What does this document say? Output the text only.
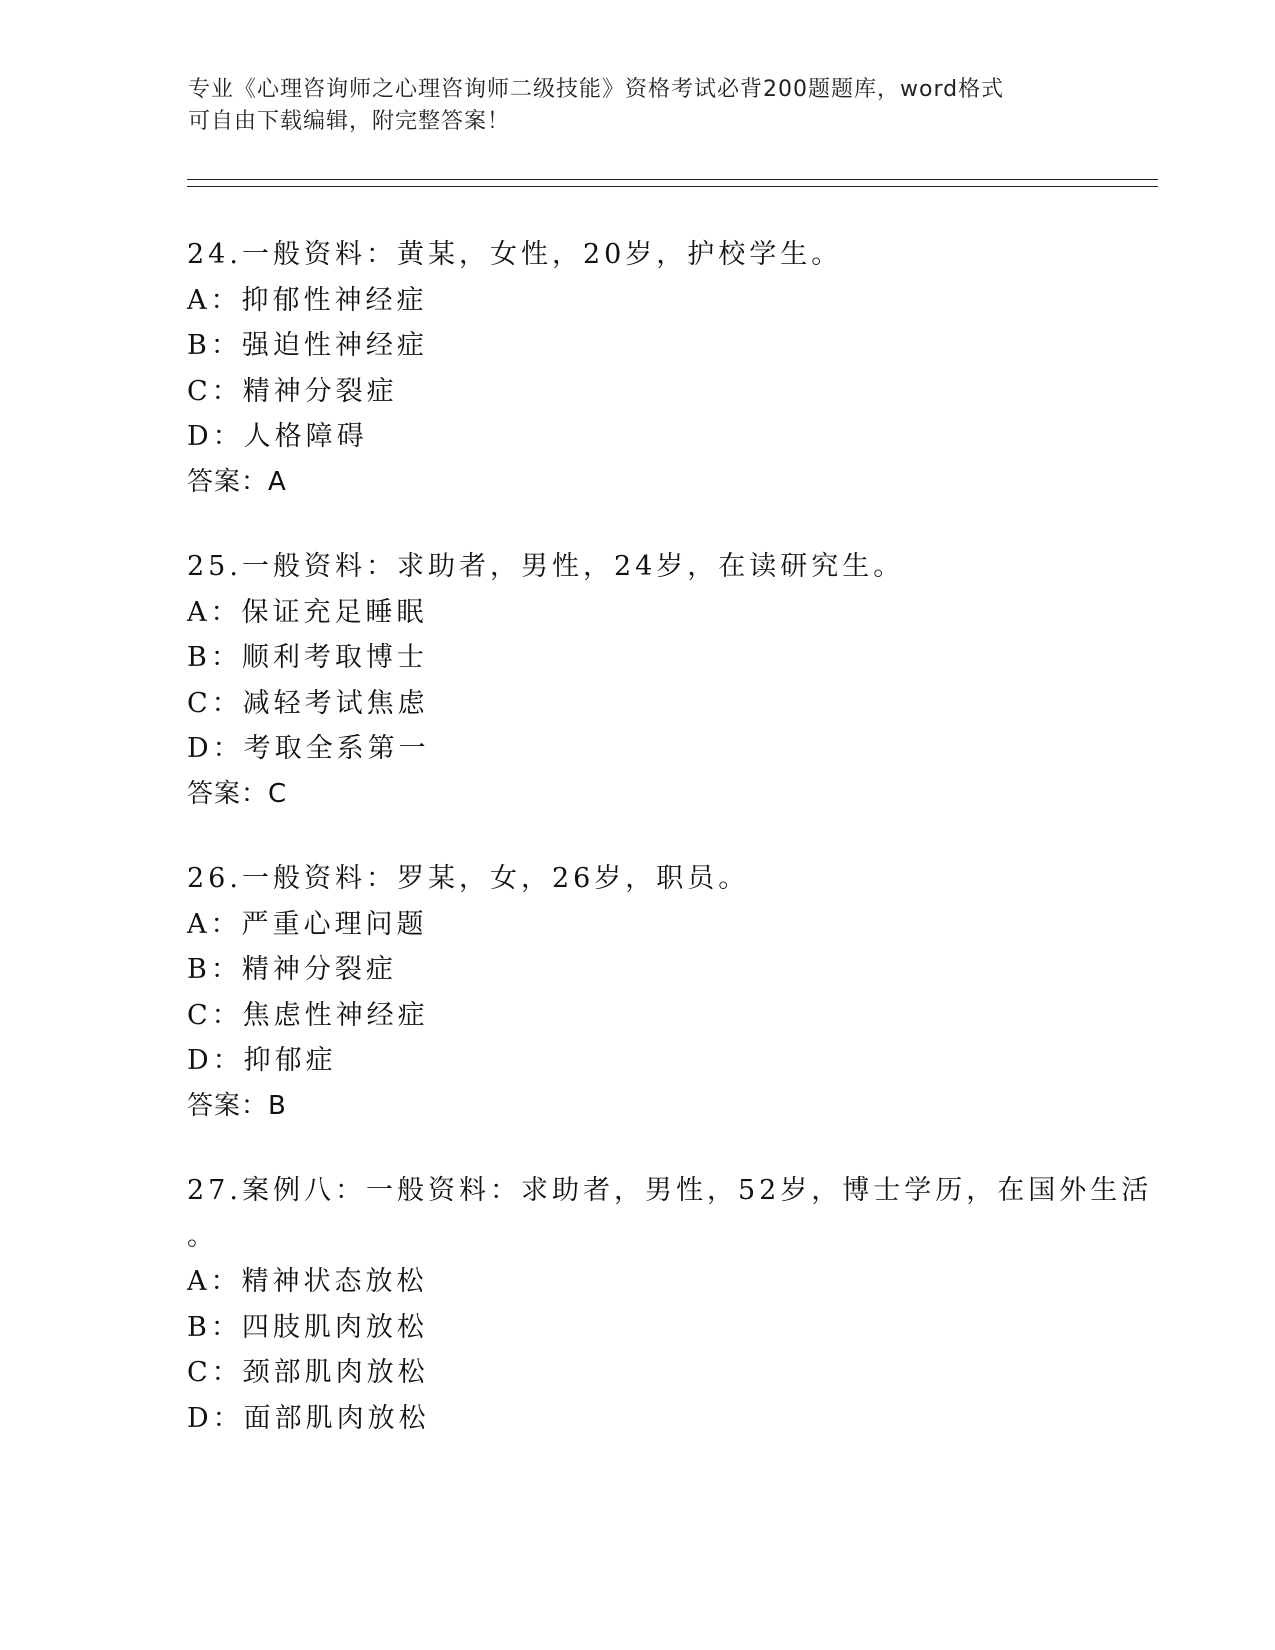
专业《心理咨询师之心理咨询师二级技能》资格考试必背200题题库，word格式
可自由下载编辑，附完整答案！
24.一般资料：黄某，女性，20岁，护校学生。
A：抑郁性神经症
B：强迫性神经症
C：精神分裂症
D：人格障碍
答案：A
25.一般资料：求助者，男性，24岁，在读研究生。
A：保证充足睡眠
B：顺利考取博士
C：减轻考试焦虑
D：考取全系第一
答案：C
26.一般资料：罗某，女，26岁，职员。
A：严重心理问题
B：精神分裂症
C：焦虑性神经症
D：抑郁症
答案：B
27.案例八：一般资料：求助者，男性，52岁，博士学历，在国外生活
。
A：精神状态放松
B：四肢肌肉放松
C：颈部肌肉放松
D：面部肌肉放松
